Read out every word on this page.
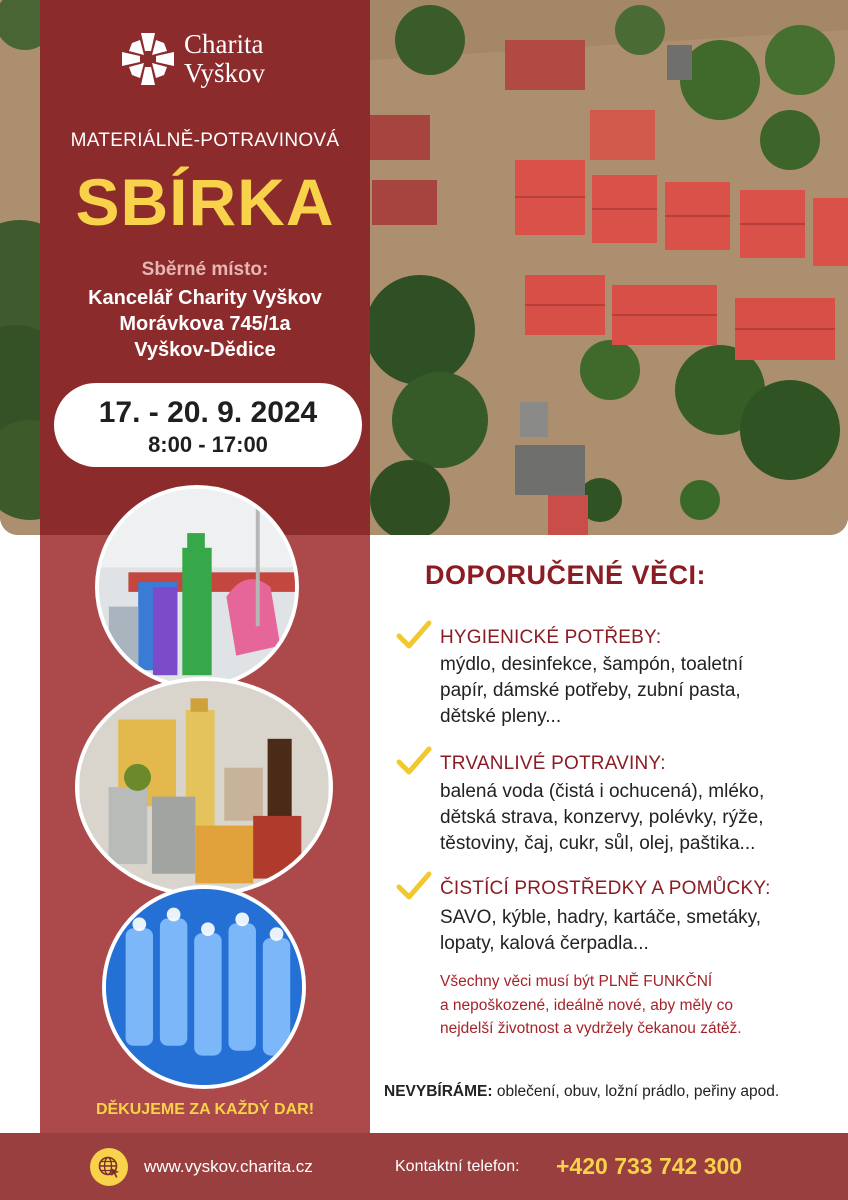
Charita
Vyškov
MATERIÁLNĚ-POTRAVINOVÁ
SBÍRKA
Sběrné místo:
Kancelář Charity Vyškov
Morávkova 745/1a
Vyškov-Dědice
17. - 20. 9. 2024
8:00 - 17:00
DĚKUJEME ZA KAŽDÝ DAR!
DOPORUČENÉ VĚCI:
HYGIENICKÉ POTŘEBY:
mýdlo, desinfekce, šampón, toaletní
papír, dámské potřeby, zubní pasta,
dětské pleny...
TRVANLIVÉ POTRAVINY:
balená voda (čistá i ochucená), mléko,
dětská strava, konzervy, polévky, rýže,
těstoviny, čaj, cukr, sůl, olej, paštika...
ČISTÍCÍ PROSTŘEDKY A POMŮCKY:
SAVO, kýble, hadry, kartáče, smetáky,
lopaty, kalová čerpadla...
Všechny věci musí být PLNĚ FUNKČNÍ
a nepoškozené, ideálně nové, aby měly co
nejdelší životnost a vydržely čekanou zátěž.
NEVYBÍRÁME: oblečení, obuv, ložní prádlo, peřiny apod.
www.vyskov.charita.cz	Kontaktní telefon: +420 733 742 300
